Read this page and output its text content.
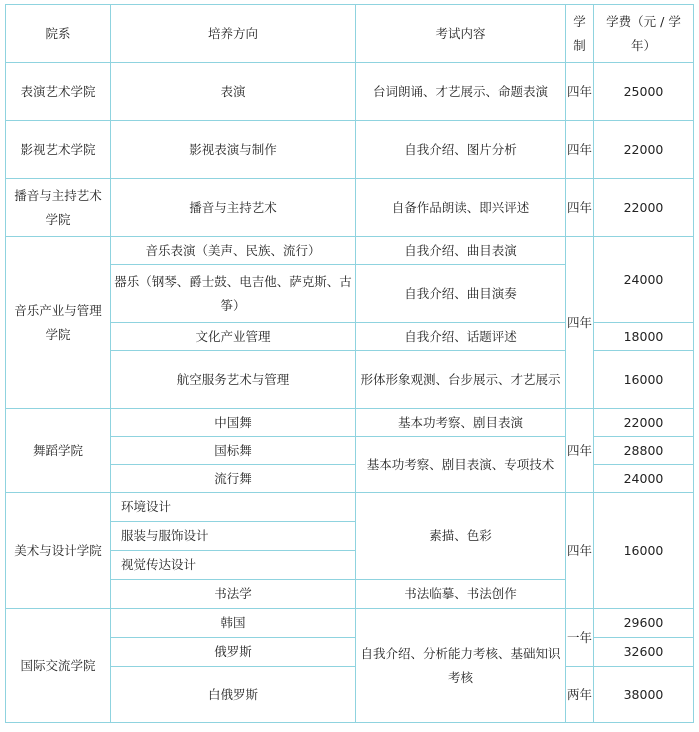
院系	培养方向	考试内容	学
制	学费（元 / 学年）
表演艺术学院	表演	台词朗诵、才艺展示、命题表演	四年	25000
影视艺术学院	影视表演与制作	自我介绍、图片分析	四年	22000
播音与主持艺术学院	播音与主持艺术	自备作品朗读、即兴评述	四年	22000
音乐产业与管理学院	音乐表演（美声、民族、流行）	自我介绍、曲目表演	四年	24000
	器乐（钢琴、爵士鼓、电吉他、萨克斯、古筝）	自我介绍、曲目演奏		
	文化产业管理	自我介绍、话题评述		18000
	航空服务艺术与管理	形体形象观测、台步展示、才艺展示		16000
舞蹈学院	中国舞	基本功考察、剧目表演	四年	22000
	国标舞	基本功考察、剧目表演、专项技术		28800
	流行舞			24000
美术与设计学院	环境设计	素描、色彩	四年	16000
	服装与服饰设计			
	视觉传达设计			
	书法学	书法临摹、书法创作		
国际交流学院	韩国	自我介绍、分析能力考核、基础知识考核	一年	29600
	俄罗斯			32600
	白俄罗斯		两年	38000
